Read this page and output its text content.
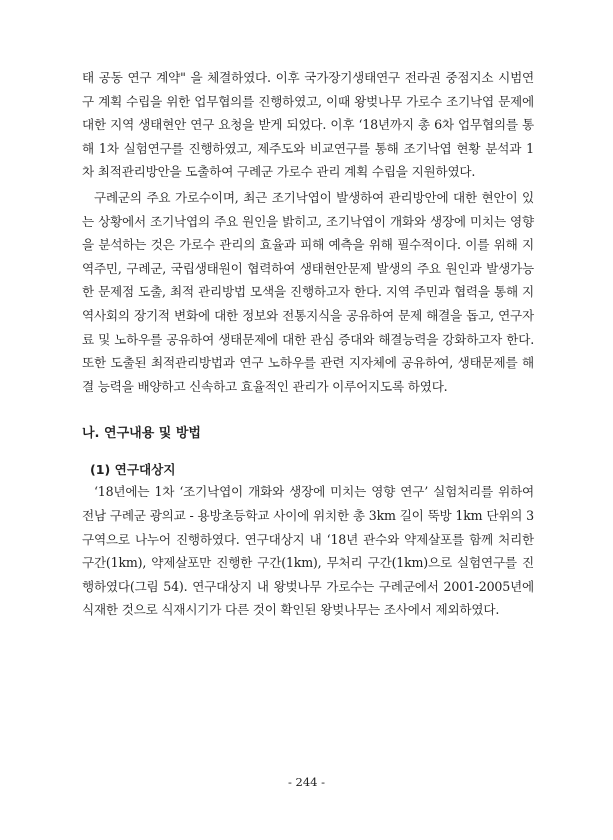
태 공동 연구 계약" 을 체결하였다. 이후 국가장기생태연구 전라권 중점지소 시범연구 계획 수립을 위한 업무협의를 진행하였고, 이때 왕벚나무 가로수 조기낙엽 문제에 대한 지역 생태현안 연구 요청을 받게 되었다. 이후 ‘18년까지 총 6차 업무협의를 통해 1차 실험연구를 진행하였고, 제주도와 비교연구를 통해 조기낙엽 현황 분석과 1차 최적관리방안을 도출하여 구례군 가로수 관리 계획 수립을 지원하였다.

구례군의 주요 가로수이며, 최근 조기낙엽이 발생하여 관리방안에 대한 현안이 있는 상황에서 조기낙엽의 주요 원인을 밝히고, 조기낙엽이 개화와 생장에 미치는 영향을 분석하는 것은 가로수 관리의 효율과 피해 예측을 위해 필수적이다. 이를 위해 지역주민, 구례군, 국립생태원이 협력하여 생태현안문제 발생의 주요 원인과 발생가능한 문제점 도출, 최적 관리방법 모색을 진행하고자 한다. 지역 주민과 협력을 통해 지역사회의 장기적 변화에 대한 정보와 전통지식을 공유하여 문제 해결을 돕고, 연구자료 및 노하우를 공유하여 생태문제에 대한 관심 증대와 해결능력을 강화하고자 한다. 또한 도출된 최적관리방법과 연구 노하우를 관련 지자체에 공유하여, 생태문제를 해결 능력을 배양하고 신속하고 효율적인 관리가 이루어지도록 하였다.

나. 연구내용 및 방법
(1) 연구대상지

‘18년에는 1차 ‘조기낙엽이 개화와 생장에 미치는 영향 연구’ 실험처리를 위하여 전남 구례군 광의교 - 용방초등학교 사이에 위치한 총 3km 길이 뚝방 1km 단위의 3구역으로 나누어 진행하였다. 연구대상지 내 ‘18년 관수와 약제살포를 함께 처리한 구간(1km), 약제살포만 진행한 구간(1km), 무처리 구간(1km)으로 실험연구를 진행하였다(그림 54). 연구대상지 내 왕벚나무 가로수는 구례군에서 2001-2005년에 식재한 것으로 식재시기가 다른 것이 확인된 왕벚나무는 조사에서 제외하였다.

- 244 -
